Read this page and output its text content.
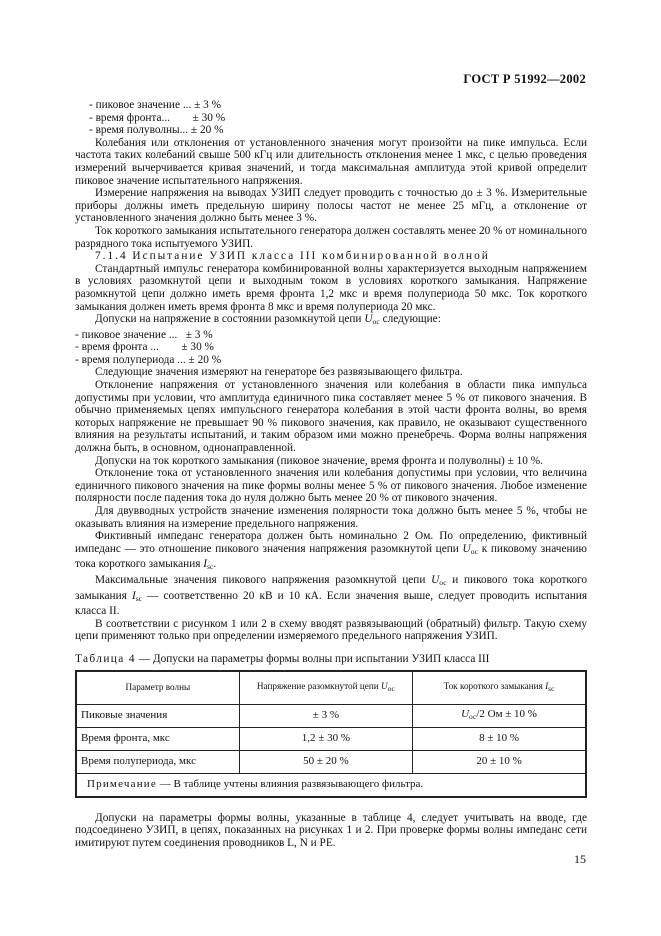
ГОСТ Р 51992—2002

- пиковое значение ... ± 3 %

- время фронта... ± 30 %

- время полуволны... ± 20 %

Колебания или отклонения от установленного значения могут произойти на пике импульса. Если частота таких колебаний свыше 500 кГц или длительность отклонения менее 1 мкс, с целью проведения измерений вычерчивается кривая значений, и тогда максимальная амплитуда этой кривой определит пиковое значение испытательного напряжения.

Измерение напряжения на выводах УЗИП следует проводить с точностью до ± 3 %. Измерительные приборы должны иметь предельную ширину полосы частот не менее 25 мГц, а отклонение от установленного значения должно быть менее 3 %.

Ток короткого замыкания испытательного генератора должен составлять менее 20 % от номинального разрядного тока испытуемого УЗИП.

7.1.4 Испытание УЗИП класса III комбинированной волной

Стандартный импульс генератора комбинированной волны характеризуется выходным напряжением в условиях разомкнутой цепи и выходным током в условиях короткого замыкания. Напряжение разомкнутой цепи должно иметь время фронта 1,2 мкс и время полупериода 50 мкс. Ток короткого замыкания должен иметь время фронта 8 мкс и время полупериода 20 мкс.

Допуски на напряжение в состоянии разомкнутой цепи $U_{ос}$ следующие:

- пиковое значение ... ± 3 %

- время фронта ... ± 30 %

- время полупериода ... ± 20 %

Следующие значения измеряют на генераторе без развязывающего фильтра.

Отклонение напряжения от установленного значения или колебания в области пика импульса допустимы при условии, что амплитуда единичного пика составляет менее 5 % от пикового значения. В обычно применяемых цепях импульсного генератора колебания в этой части фронта волны, во время которых напряжение не превышает 90 % пикового значения, как правило, не оказывают существенного влияния на результаты испытаний, и таким образом ими можно пренебречь. Форма волны напряжения должна быть, в основном, однонаправленной.

Допуски на ток короткого замыкания (пиковое значение, время фронта и полуволны) ± 10 %.

Отклонение тока от установленного значения или колебания допустимы при условии, что величина единичного пикового значения на пике формы волны менее 5 % от пикового значения. Любое изменение полярности после падения тока до нуля должно быть менее 20 % от пикового значения.

Для двувводных устройств значение изменения полярности тока должно быть менее 5 %, чтобы не оказывать влияния на измерение предельного напряжения.

Фиктивный импеданс генератора должен быть номинально 2 Ом. По определению, фиктивный импеданс — это отношение пикового значения напряжения разомкнутой цепи $U_{ос}$ к пиковому значению тока короткого замыкания $I_{sc}$.

Максимальные значения пикового напряжения разомкнутой цепи $U_{ос}$ и пикового тока короткого замыкания $I_{sc}$ — соответственно 20 кВ и 10 кА. Если значения выше, следует проводить испытания класса II.

В соответствии с рисунком 1 или 2 в схему вводят развязывающий (обратный) фильтр. Такую схему цепи применяют только при определении измеряемого предельного напряжения УЗИП.

Таблица 4 — Допуски на параметры формы волны при испытании УЗИП класса III

Параметр волны	Напряжение разомкнутой цепи $U_{ос}$	Ток короткого замыкания $I_{sc}$
Пиковые значения	± 3 %	$U_{ос}/2$ Ом ± 10 %
Время фронта, мкс	1,2 ± 30 %	8 ± 10 %
Время полупериода, мкс	50 ± 20 %	20 ± 10 %
Примечание — В таблице учтены влияния развязывающего фильтра.		

Допуски на параметры формы волны, указанные в таблице 4, следует учитывать на вводе, где подсоединено УЗИП, в цепях, показанных на рисунках 1 и 2. При проверке формы волны импеданс сети имитируют путем соединения проводников L, N и PE.

15
